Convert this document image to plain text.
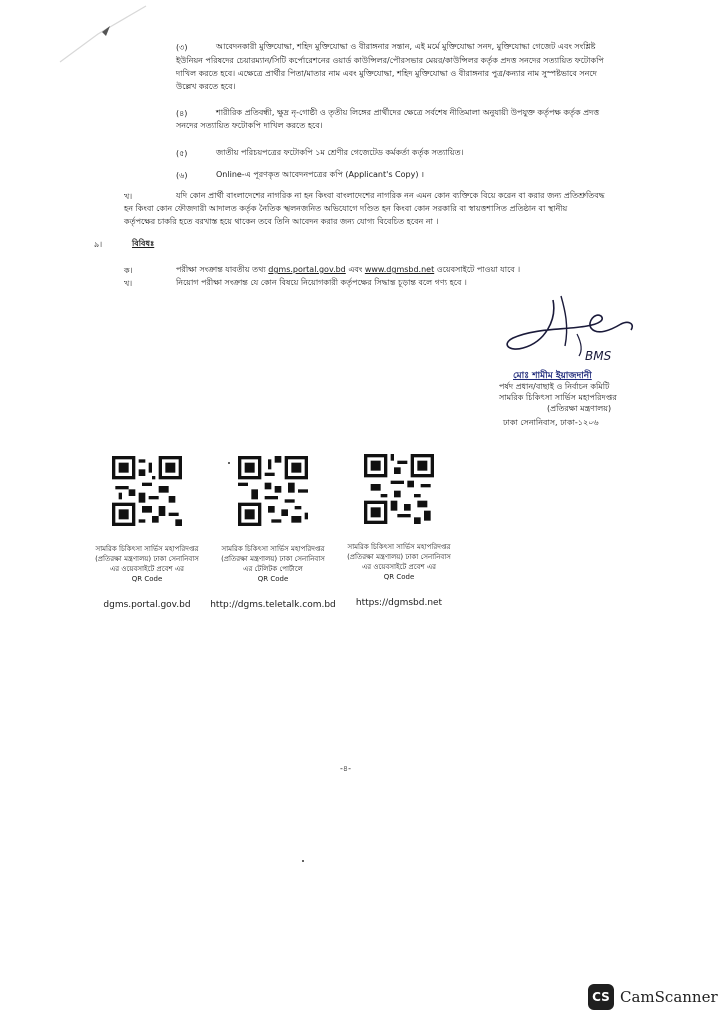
(৩)	আবেদনকারী মুক্তিযোদ্ধা, শহিদ মুক্তিযোদ্ধা ও বীরাঙ্গনার সন্তান, এই মর্মে মুক্তিযোদ্ধা সনদ, মুক্তিযোদ্ধা গেজেট এবং সংশ্লিষ্ট
ইউনিয়ন পরিষদের চেয়ারম্যান/সিটি কর্পোরেশনের ওয়ার্ড কাউন্সিলর/পৌরসভার মেয়র/কাউন্সিলর কর্তৃক প্রদত্ত সনদের সত্যায়িত ফটোকপি
দাখিল করতে হবে। এক্ষেত্রে প্রার্থীর পিতা/মাতার নাম এবং মুক্তিযোদ্ধা, শহিদ মুক্তিযোদ্ধা ও বীরাঙ্গনার পুত্র/কন্যার নাম সুস্পষ্টভাবে সনদে
উল্লেখ করতে হবে।
(৪)	শারীরিক প্রতিবন্ধী, ক্ষুদ্র নৃ-গোষ্ঠী ও তৃতীয় লিঙ্গের প্রার্থীদের ক্ষেত্রে সর্বশেষ নীতিমালা অনুযায়ী উপযুক্ত কর্তৃপক্ষ কর্তৃক প্রদত্ত
সনদের সত্যায়িত ফটোকপি দাখিল করতে হবে।
(৫)	জাতীয় পরিচয়পত্রের ফটোকপি ১ম শ্রেণীর গেজেটেড কর্মকর্তা কর্তৃক সত্যায়িত।
(৬)	Online-এ পূরণকৃত আবেদনপত্রের কপি (Applicant's Copy) ।
খ।	যদি কোন প্রার্থী বাংলাদেশের নাগরিক না হন কিংবা বাংলাদেশের নাগরিক নন এমন কোন ব্যক্তিকে বিয়ে করেন বা করার জন্য প্রতিশ্রুতিবদ্ধ
হন কিংবা কোন ফৌজদারী আদালত কর্তৃক নৈতিক স্খলনজনিত অভিযোগে দণ্ডিত হন কিংবা কোন সরকারি বা স্বায়ত্তশাসিত প্রতিষ্ঠান বা স্থানীয়
কর্তৃপক্ষের চাকরি হতে বরখাস্ত হয়ে থাকেন তবে তিনি আবেদন করার জন্য যোগ্য বিবেচিত হবেন না ।
৯।	বিবিধঃ
ক।	পরীক্ষা সংক্রান্ত যাবতীয় তথ্য dgms.portal.gov.bd এবং www.dgmsbd.net ওয়েবসাইটে পাওয়া যাবে ।
খ।	নিয়োগ পরীক্ষা সংক্রান্ত যে কোন বিষয়ে নিয়োগকারী কর্তৃপক্ষের সিদ্ধান্ত চূড়ান্ত বলে গণ্য হবে ।
BMS
মোঃ শামীম ইয়াজদানী
পর্ষদ প্রধান/বাছাই ও নির্বাচন কমিটি
সামরিক চিকিৎসা সার্ভিস মহাপরিদপ্তর
(প্রতিরক্ষা মন্ত্রণালয়)
ঢাকা সেনানিবাস, ঢাকা-১২০৬
সামরিক চিকিৎসা সার্ভিস মহাপরিদপ্তর
(প্রতিরক্ষা মন্ত্রণালয়) ঢাকা সেনানিবাস
এর ওয়েবসাইটে প্রবেশ এর
QR Code
dgms.portal.gov.bd
সামরিক চিকিৎসা সার্ভিস মহাপরিদপ্তর
(প্রতিরক্ষা মন্ত্রণালয়) ঢাকা সেনানিবাস
এর টেলিটক পোর্টালে
QR Code
http://dgms.teletalk.com.bd
সামরিক চিকিৎসা সার্ভিস মহাপরিদপ্তর
(প্রতিরক্ষা মন্ত্রণালয়) ঢাকা সেনানিবাস
এর ওয়েবসাইটে প্রবেশ এর
QR Code
https://dgmsbd.net
-৪-
CS CamScanner
